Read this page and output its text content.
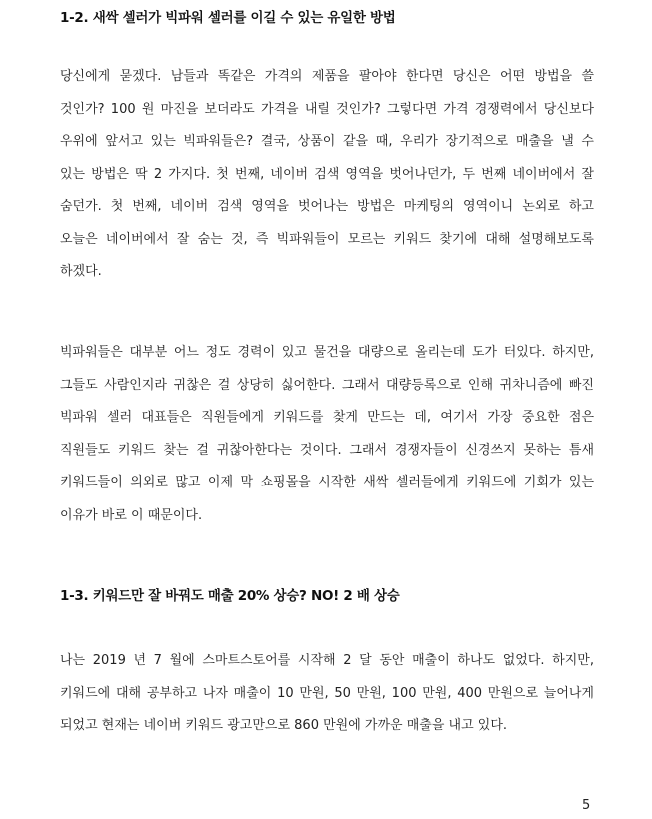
1-2. 새싹 셀러가 빅파워 셀러를 이길 수 있는 유일한 방법
당신에게 묻겠다. 남들과 똑같은 가격의 제품을 팔아야 한다면 당신은 어떤 방법을 쓸
것인가? 100 원 마진을 보더라도 가격을 내릴 것인가? 그렇다면 가격 경쟁력에서 당신보다
우위에 앞서고 있는 빅파워들은? 결국, 상품이 같을 때, 우리가 장기적으로 매출을 낼 수
있는 방법은 딱 2 가지다. 첫 번째, 네이버 검색 영역을 벗어나던가, 두 번째 네이버에서 잘
숨던가. 첫 번째, 네이버 검색 영역을 벗어나는 방법은 마케팅의 영역이니 논외로 하고
오늘은 네이버에서 잘 숨는 것, 즉 빅파워들이 모르는 키워드 찾기에 대해 설명해보도록
하겠다.
빅파워들은 대부분 어느 정도 경력이 있고 물건을 대량으로 올리는데 도가 터있다. 하지만,
그들도 사람인지라 귀찮은 걸 상당히 싫어한다. 그래서 대량등록으로 인해 귀차니즘에 빠진
빅파워 셀러 대표들은 직원들에게 키워드를 찾게 만드는 데, 여기서 가장 중요한 점은
직원들도 키워드 찾는 걸 귀찮아한다는 것이다. 그래서 경쟁자들이 신경쓰지 못하는 틈새
키워드들이 의외로 많고 이제 막 쇼핑몰을 시작한 새싹 셀러들에게 키워드에 기회가 있는
이유가 바로 이 때문이다.
1-3. 키워드만 잘 바꿔도 매출 20% 상승? NO! 2 배 상승
나는 2019 년 7 월에 스마트스토어를 시작해 2 달 동안 매출이 하나도 없었다. 하지만,
키워드에 대해 공부하고 나자 매출이 10 만원, 50 만원, 100 만원, 400 만원으로 늘어나게
되었고 현재는 네이버 키워드 광고만으로 860 만원에 가까운 매출을 내고 있다.
5
